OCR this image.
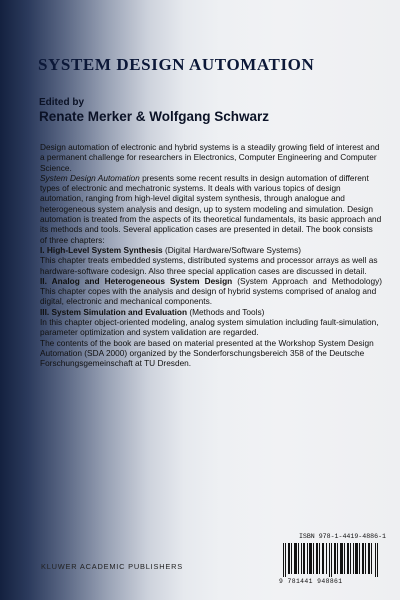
SYSTEM DESIGN AUTOMATION
Edited by
Renate Merker & Wolfgang Schwarz

Design automation of electronic and hybrid systems is a steadily growing field of interest and a permanent challenge for researchers in Electronics, Computer Engineering and Computer Science.

System Design Automation presents some recent results in design automation of different types of electronic and mechatronic systems. It deals with various topics of design automation, ranging from high-level digital system synthesis, through analogue and heterogeneous system analysis and design, up to system modeling and simulation. Design automation is treated from the aspects of its theoretical fundamentals, its basic approach and its methods and tools. Several application cases are presented in detail. The book consists of three chapters:

I. High-Level System Synthesis (Digital Hardware/Software Systems)

This chapter treats embedded systems, distributed systems and processor arrays as well as hardware-software codesign. Also three special application cases are discussed in detail.

II. Analog and Heterogeneous System Design (System Approach and Methodology)

This chapter copes with the analysis and design of hybrid systems comprised of analog and digital, electronic and mechanical components.

III. System Simulation and Evaluation (Methods and Tools)

In this chapter object-oriented modeling, analog system simulation including fault-simulation, parameter optimization and system validation are regarded.

The contents of the book are based on material presented at the Workshop System Design Automation (SDA 2000) organized by the Sonderforschungsbereich 358 of the Deutsche Forschungsgemeinschaft at TU Dresden.

ISBN 978-1-4419-4886-1
9 781441 948861
KLUWER ACADEMIC PUBLISHERS
